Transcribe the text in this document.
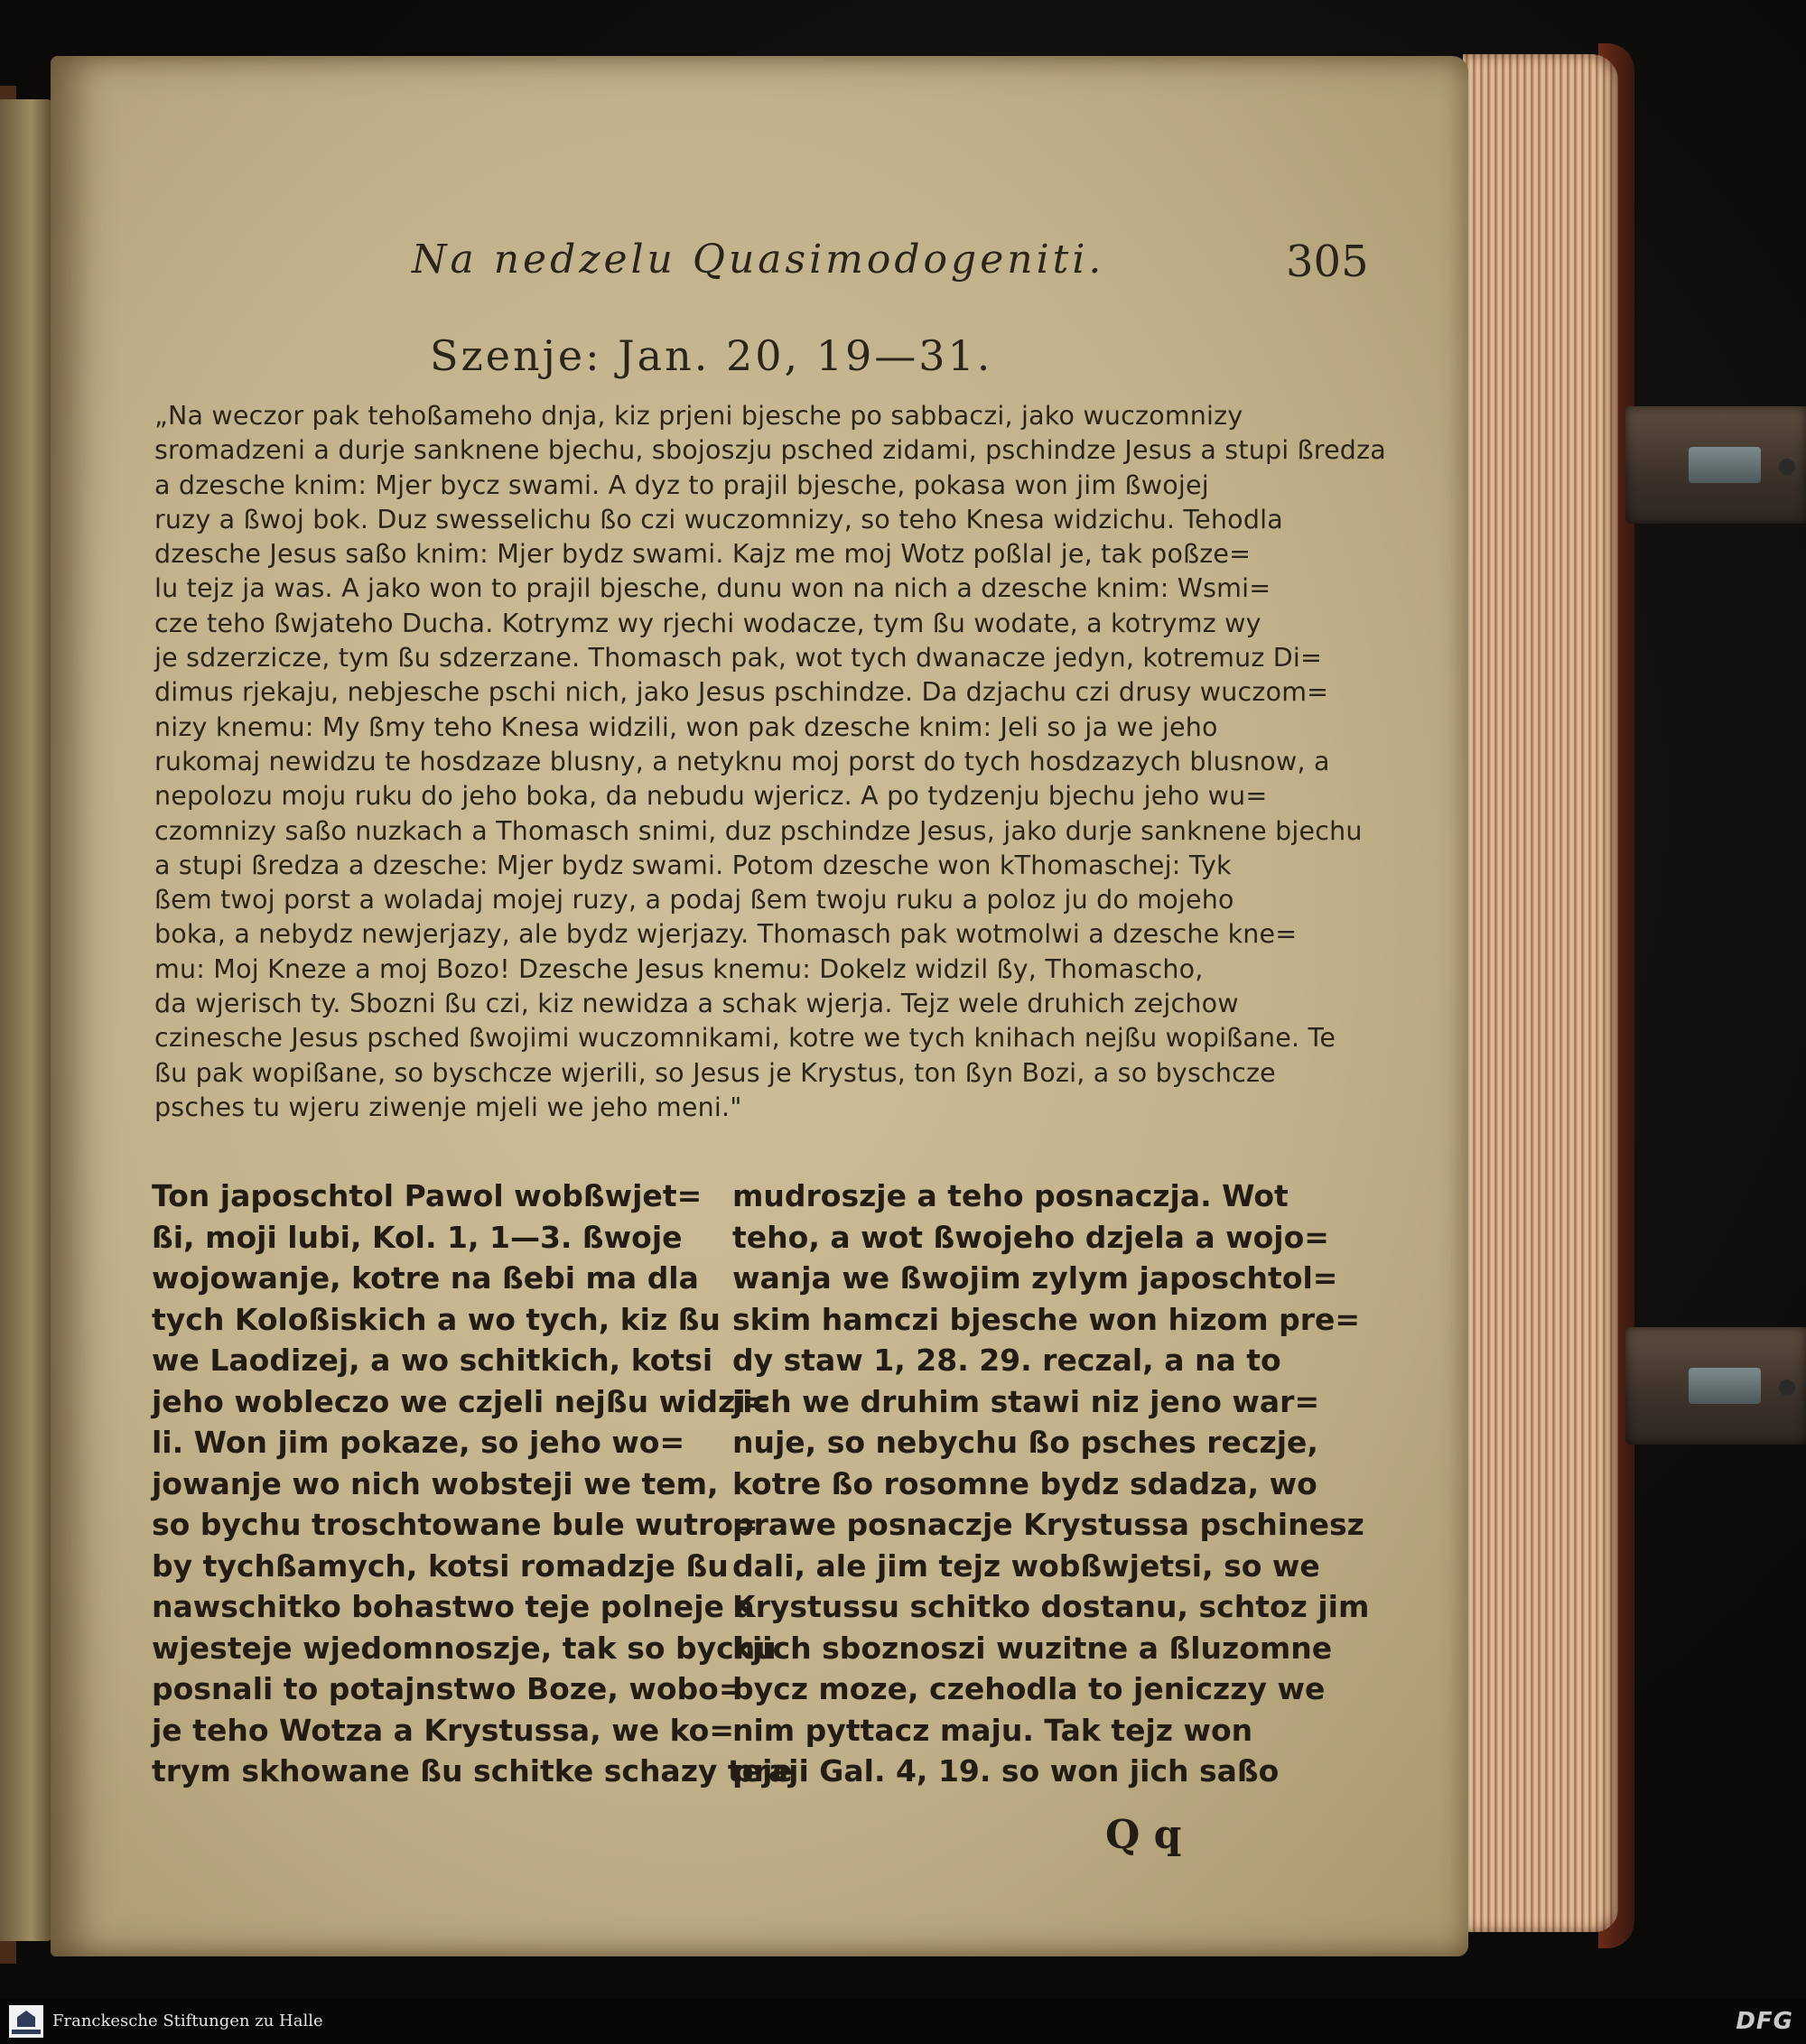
Na nedzelu Quasimodogeniti.	305
Szenje: Jan. 20, 19—31.
„Na weczor pak tehoßameho dnja, kiz prjeni bjesche po sabbaczi, jako wuczomnizy
sromadzeni a durje sanknene bjechu, sbojoszju psched zidami, pschindze Jesus a stupi ßredza
a dzesche knim: Mjer bycz swami. A dyz to prajil bjesche, pokasa won jim ßwojej
ruzy a ßwoj bok. Duz swesselichu ßo czi wuczomnizy, so teho Knesa widzichu. Tehodla
dzesche Jesus saßo knim: Mjer bydz swami. Kajz me moj Wotz poßlal je, tak poßze=
lu tejz ja was. A jako won to prajil bjesche, dunu won na nich a dzesche knim: Wsmi=
cze teho ßwjateho Ducha. Kotrymz wy rjechi wodacze, tym ßu wodate, a kotrymz wy
je sdzerzicze, tym ßu sdzerzane. Thomasch pak, wot tych dwanacze jedyn, kotremuz Di=
dimus rjekaju, nebjesche pschi nich, jako Jesus pschindze. Da dzjachu czi drusy wuczom=
nizy knemu: My ßmy teho Knesa widzili, won pak dzesche knim: Jeli so ja we jeho
rukomaj newidzu te hosdzaze blusny, a netyknu moj porst do tych hosdzazych blusnow, a
nepolozu moju ruku do jeho boka, da nebudu wjericz. A po tydzenju bjechu jeho wu=
czomnizy saßo nuzkach a Thomasch snimi, duz pschindze Jesus, jako durje sanknene bjechu
a stupi ßredza a dzesche: Mjer bydz swami. Potom dzesche won kThomaschej: Tyk
ßem twoj porst a woladaj mojej ruzy, a podaj ßem twoju ruku a poloz ju do mojeho
boka, a nebydz newjerjazy, ale bydz wjerjazy. Thomasch pak wotmolwi a dzesche kne=
mu: Moj Kneze a moj Bozo! Dzesche Jesus knemu: Dokelz widzil ßy, Thomascho,
da wjerisch ty. Sbozni ßu czi, kiz newidza a schak wjerja. Tejz wele druhich zejchow
czinesche Jesus psched ßwojimi wuczomnikami, kotre we tych knihach nejßu wopißane. Te
ßu pak wopißane, so byschcze wjerili, so Jesus je Krystus, ton ßyn Bozi, a so byschcze
psches tu wjeru ziwenje mjeli we jeho meni."
Ton japoschtol Pawol wobßwjet=
ßi, moji lubi, Kol. 1, 1—3. ßwoje
wojowanje, kotre na ßebi ma dla
tych Koloßiskich a wo tych, kiz ßu
we Laodizej, a wo schitkich, kotsi
jeho wobleczo we czjeli nejßu widzi=
li. Won jim pokaze, so jeho wo=
jowanje wo nich wobsteji we tem,
so bychu troschtowane bule wutro=
by tychßamych, kotsi romadzje ßu
nawschitko bohastwo teje polneje a
wjesteje wjedomnoszje, tak so bychu
posnali to potajnstwo Boze, wobo=
je teho Wotza a Krystussa, we ko=
trym skhowane ßu schitke schazy teje
mudroszje a teho posnaczja. Wot
teho, a wot ßwojeho dzjela a wojo=
wanja we ßwojim zylym japoschtol=
skim hamczi bjesche won hizom pre=
dy staw 1, 28. 29. reczal, a na to
jich we druhim stawi niz jeno war=
nuje, so nebychu ßo psches reczje,
kotre ßo rosomne bydz sdadza, wo
prawe posnaczje Krystussa pschinesz
dali, ale jim tejz wobßwjetsi, so we
Krystussu schitko dostanu, schtoz jim
kjich sboznoszi wuzitne a ßluzomne
bycz moze, czehodla to jeniczzy we
nim pyttacz maju. Tak tejz won
praji Gal. 4, 19. so won jich saßo
Q q
Franckesche Stiftungen zu Halle	DFG
